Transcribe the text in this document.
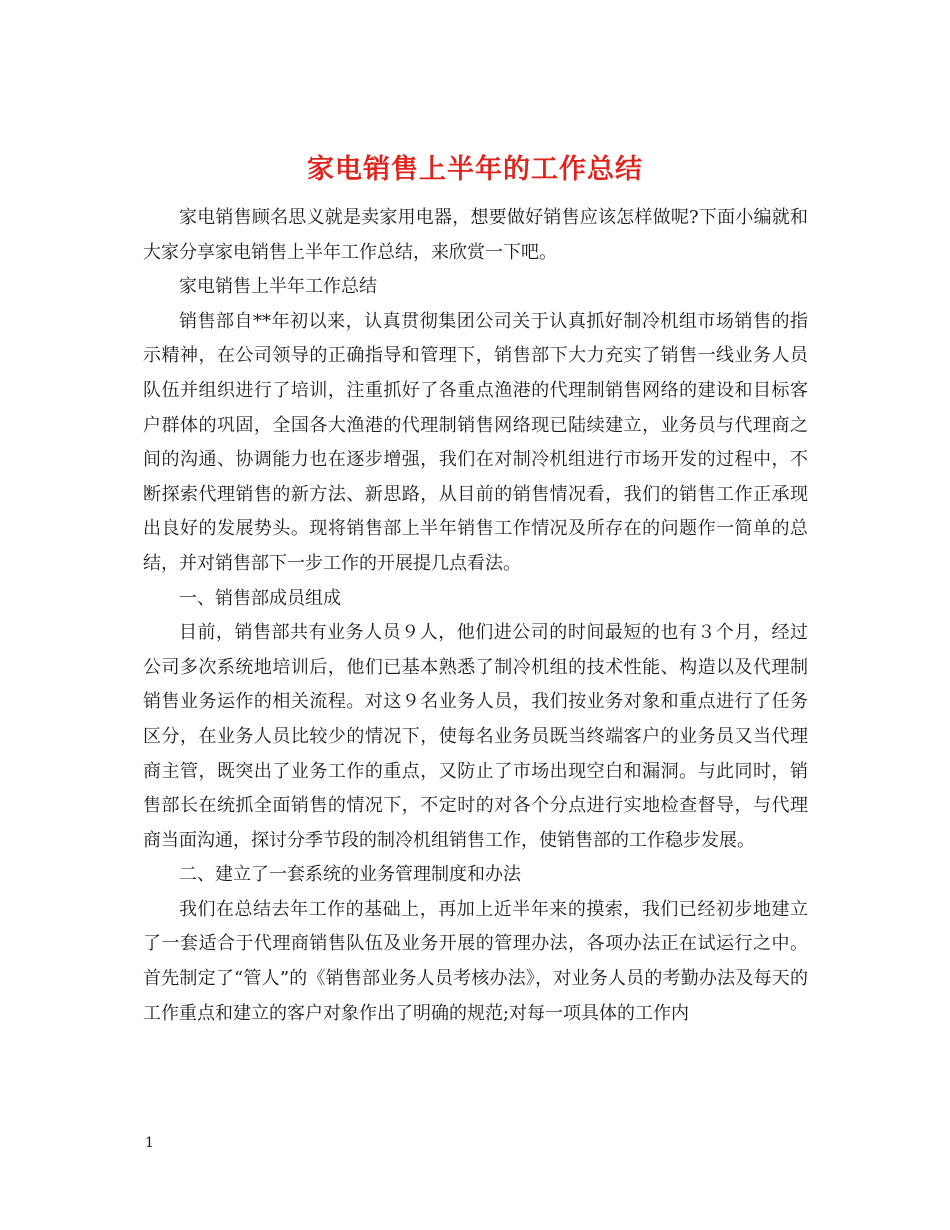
家电销售上半年的工作总结

家电销售顾名思义就是卖家用电器，想要做好销售应该怎样做呢?下面小编就和大家分享家电销售上半年工作总结，来欣赏一下吧。

家电销售上半年工作总结

销售部自**年初以来，认真贯彻集团公司关于认真抓好制冷机组市场销售的指示精神，在公司领导的正确指导和管理下，销售部下大力充实了销售一线业务人员队伍并组织进行了培训，注重抓好了各重点渔港的代理制销售网络的建设和目标客户群体的巩固，全国各大渔港的代理制销售网络现已陆续建立，业务员与代理商之间的沟通、协调能力也在逐步增强，我们在对制冷机组进行市场开发的过程中，不断探索代理销售的新方法、新思路，从目前的销售情况看，我们的销售工作正承现出良好的发展势头。现将销售部上半年销售工作情况及所存在的问题作一简单的总结，并对销售部下一步工作的开展提几点看法。

一、销售部成员组成

目前，销售部共有业务人员９人，他们进公司的时间最短的也有３个月，经过公司多次系统地培训后，他们已基本熟悉了制冷机组的技术性能、构造以及代理制销售业务运作的相关流程。对这９名业务人员，我们按业务对象和重点进行了任务区分，在业务人员比较少的情况下，使每名业务员既当终端客户的业务员又当代理商主管，既突出了业务工作的重点，又防止了市场出现空白和漏洞。与此同时，销售部长在统抓全面销售的情况下，不定时的对各个分点进行实地检查督导，与代理商当面沟通，探讨分季节段的制冷机组销售工作，使销售部的工作稳步发展。

二、建立了一套系统的业务管理制度和办法

我们在总结去年工作的基础上，再加上近半年来的摸索，我们已经初步地建立了一套适合于代理商销售队伍及业务开展的管理办法，各项办法正在试运行之中。首先制定了“管人”的《销售部业务人员考核办法》，对业务人员的考勤办法及每天的工作重点和建立的客户对象作出了明确的规范;对每一项具体的工作内

1
